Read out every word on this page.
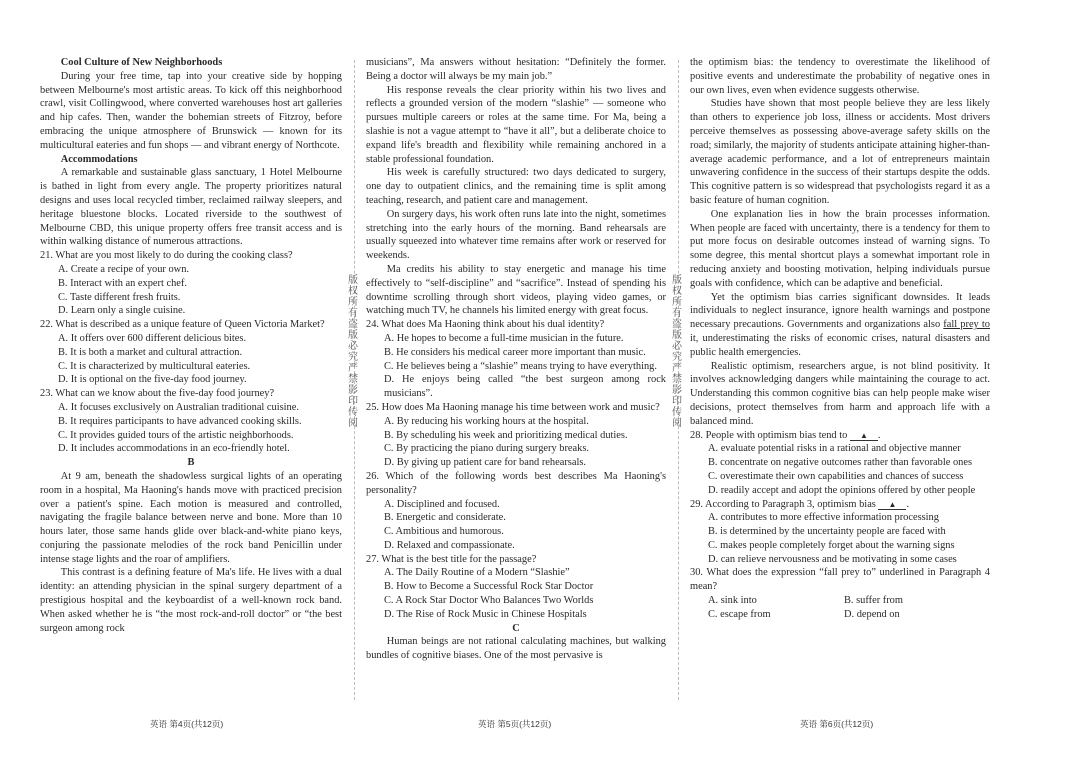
版权所有 盗版必究 严禁影印传阅
版权所有 盗版必究 严禁影印传阅

Cool Culture of New Neighborhoods

During your free time, tap into your creative side by hopping between Melbourne's most artistic areas. To kick off this neighborhood crawl, visit Collingwood, where converted warehouses host art galleries and hip cafes. Then, wander the bohemian streets of Fitzroy, before embracing the unique atmosphere of Brunswick — known for its multicultural eateries and fun shops — and vibrant energy of Northcote.

Accommodations

A remarkable and sustainable glass sanctuary, 1 Hotel Melbourne is bathed in light from every angle. The property prioritizes natural designs and uses local recycled timber, reclaimed railway sleepers, and heritage bluestone blocks. Located riverside to the southwest of Melbourne CBD, this unique property offers free transit access and is within walking distance of numerous attractions.

21. What are you most likely to do during the cooking class?

A. Create a recipe of your own.

B. Interact with an expert chef.

C. Taste different fresh fruits.

D. Learn only a single cuisine.

22. What is described as a unique feature of Queen Victoria Market?

A. It offers over 600 different delicious bites.

B. It is both a market and cultural attraction.

C. It is characterized by multicultural eateries.

D. It is optional on the five-day food journey.

23. What can we know about the five-day food journey?

A. It focuses exclusively on Australian traditional cuisine.

B. It requires participants to have advanced cooking skills.

C. It provides guided tours of the artistic neighborhoods.

D. It includes accommodations in an eco-friendly hotel.

B

At 9 am, beneath the shadowless surgical lights of an operating room in a hospital, Ma Haoning's hands move with practiced precision over a patient's spine. Each motion is measured and controlled, navigating the fragile balance between nerve and bone. More than 10 hours later, those same hands glide over black-and-white piano keys, conjuring the passionate melodies of the rock band Penicillin under intense stage lights and the roar of amplifiers.

This contrast is a defining feature of Ma's life. He lives with a dual identity: an attending physician in the spinal surgery department of a prestigious hospital and the keyboardist of a well-known rock band. When asked whether he is “the most rock-and-roll doctor” or “the best surgeon among rock

musicians”, Ma answers without hesitation: “Definitely the former. Being a doctor will always be my main job.”

His response reveals the clear priority within his two lives and reflects a grounded version of the modern “slashie” — someone who pursues multiple careers or roles at the same time. For Ma, being a slashie is not a vague attempt to “have it all”, but a deliberate choice to expand life's breadth and flexibility while remaining anchored in a stable professional foundation.

His week is carefully structured: two days dedicated to surgery, one day to outpatient clinics, and the remaining time is split among teaching, research, and patient care and management.

On surgery days, his work often runs late into the night, sometimes stretching into the early hours of the morning. Band rehearsals are usually squeezed into whatever time remains after work or reserved for weekends.

Ma credits his ability to stay energetic and manage his time effectively to “self-discipline” and “sacrifice”. Instead of spending his downtime scrolling through short videos, playing video games, or watching much TV, he channels his limited energy with great focus.

24. What does Ma Haoning think about his dual identity?

A. He hopes to become a full-time musician in the future.

B. He considers his medical career more important than music.

C. He believes being a “slashie” means trying to have everything.

D. He enjoys being called “the best surgeon among rock musicians”.

25. How does Ma Haoning manage his time between work and music?

A. By reducing his working hours at the hospital.

B. By scheduling his week and prioritizing medical duties.

C. By practicing the piano during surgery breaks.

D. By giving up patient care for band rehearsals.

26. Which of the following words best describes Ma Haoning's personality?

A. Disciplined and focused.

B. Energetic and considerate.

C. Ambitious and humorous.

D. Relaxed and compassionate.

27. What is the best title for the passage?

A. The Daily Routine of a Modern “Slashie”

B. How to Become a Successful Rock Star Doctor

C. A Rock Star Doctor Who Balances Two Worlds

D. The Rise of Rock Music in Chinese Hospitals

C

Human beings are not rational calculating machines, but walking bundles of cognitive biases. One of the most pervasive is

the optimism bias: the tendency to overestimate the likelihood of positive events and underestimate the probability of negative ones in our own lives, even when evidence suggests otherwise.

Studies have shown that most people believe they are less likely than others to experience job loss, illness or accidents. Most drivers perceive themselves as possessing above-average safety skills on the road; similarly, the majority of students anticipate attaining higher-than-average academic performance, and a lot of entrepreneurs maintain unwavering confidence in the success of their startups despite the odds. This cognitive pattern is so widespread that psychologists regard it as a basic feature of human cognition.

One explanation lies in how the brain processes information. When people are faced with uncertainty, there is a tendency for them to put more focus on desirable outcomes instead of warning signs. To some degree, this mental shortcut plays a somewhat important role in reducing anxiety and boosting motivation, helping individuals pursue goals with confidence, which can be adaptive and beneficial.

Yet the optimism bias carries significant downsides. It leads individuals to neglect insurance, ignore health warnings and postpone necessary precautions. Governments and organizations also fall prey to it, underestimating the risks of economic crises, natural disasters and public health emergencies.

Realistic optimism, researchers argue, is not blind positivity. It involves acknowledging dangers while maintaining the courage to act. Understanding this common cognitive bias can help people make wiser decisions, protect themselves from harm and approach life with a balanced mind.

28. People with optimism bias tend to ▲ .

A. evaluate potential risks in a rational and objective manner

B. concentrate on negative outcomes rather than favorable ones

C. overestimate their own capabilities and chances of success

D. readily accept and adopt the opinions offered by other people

29. According to Paragraph 3, optimism bias ▲ .

A. contributes to more effective information processing

B. is determined by the uncertainty people are faced with

C. makes people completely forget about the warning signs

D. can relieve nervousness and be motivating in some cases

30. What does the expression “fall prey to” underlined in Paragraph 4 mean?

A. sink into	B. suffer from
C. escape from	D. depend on
英语 第4页(共12页)	英语 第5页(共12页)	英语 第6页(共12页)
